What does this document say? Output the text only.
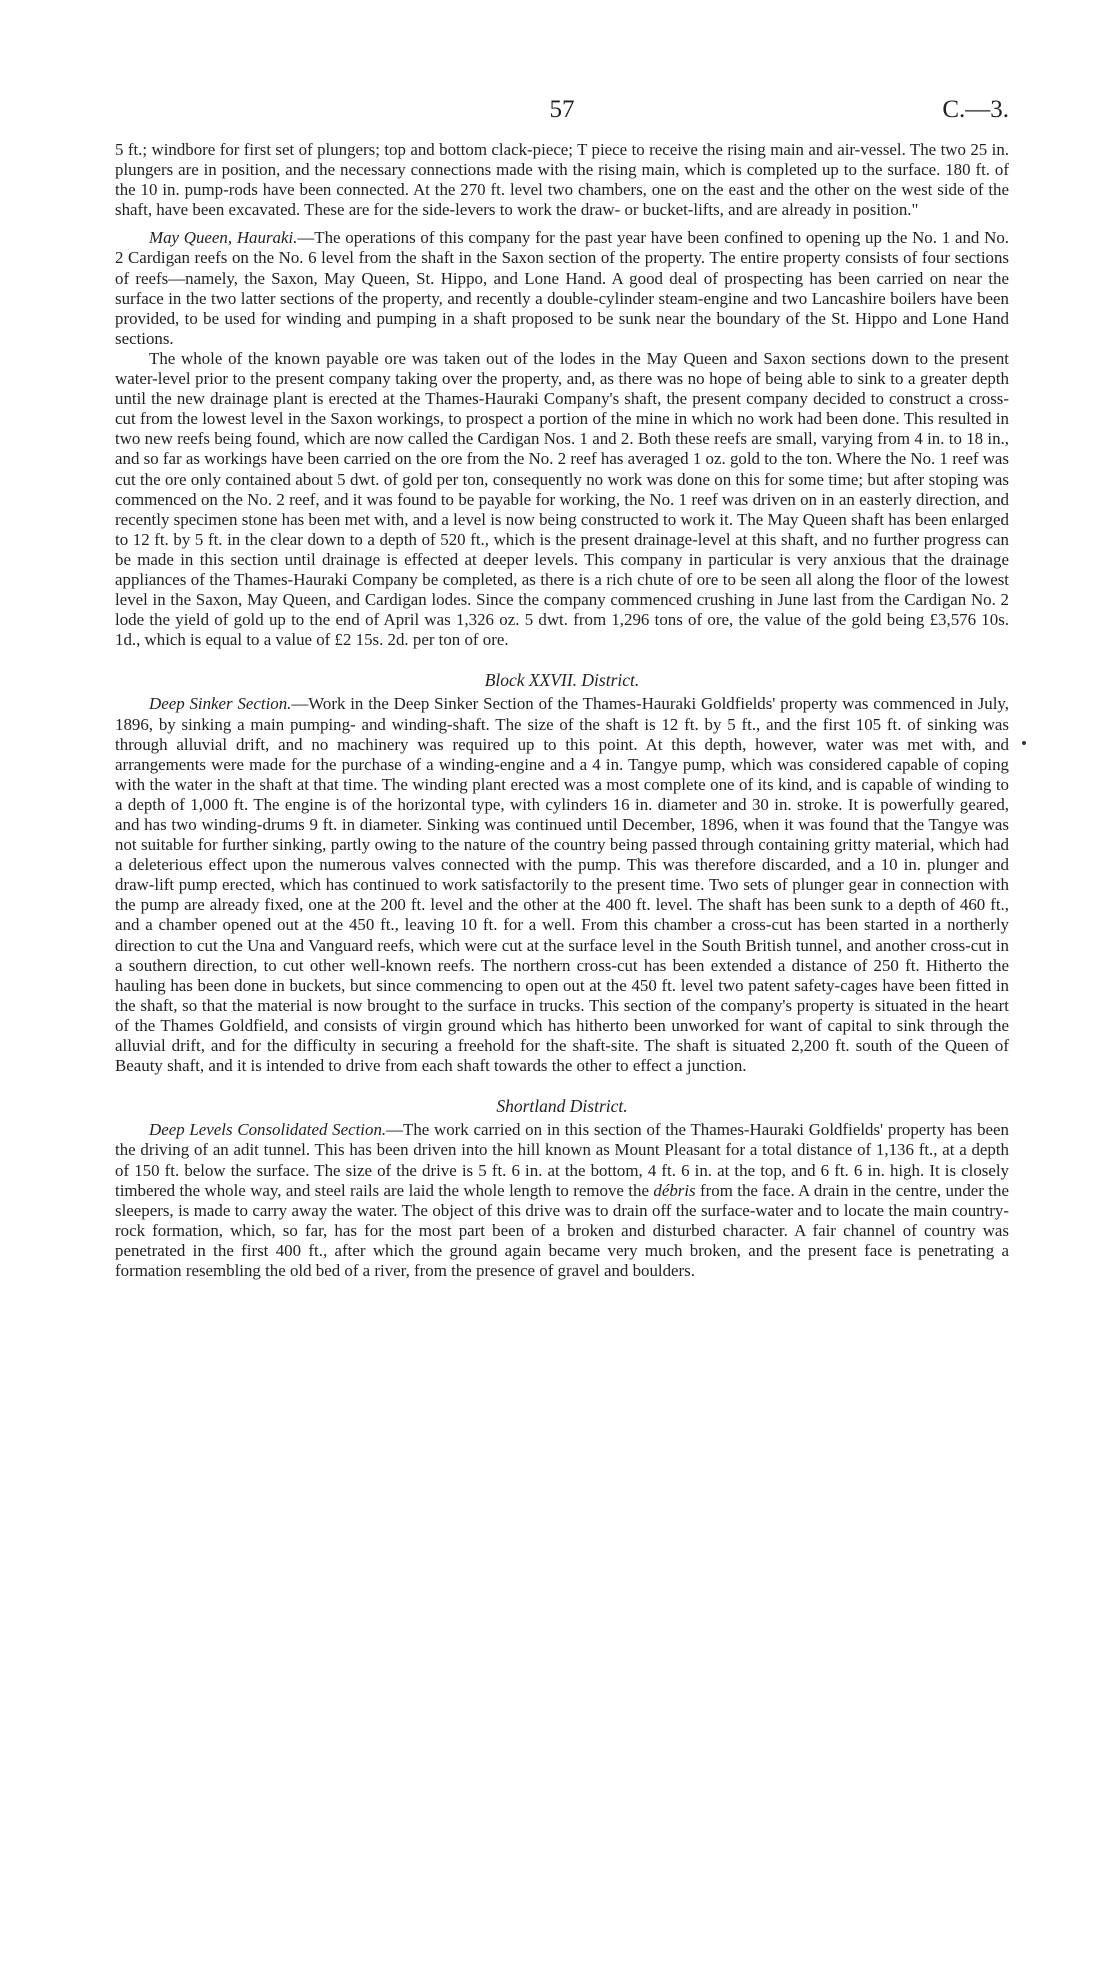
57	C.—3.

5 ft.; windbore for first set of plungers; top and bottom clack-piece; T piece to receive the rising main and air-vessel. The two 25 in. plungers are in position, and the necessary connections made with the rising main, which is completed up to the surface. 180 ft. of the 10 in. pump-rods have been connected. At the 270 ft. level two chambers, one on the east and the other on the west side of the shaft, have been excavated. These are for the side-levers to work the draw- or bucket-lifts, and are already in position."

May Queen, Hauraki.—The operations of this company for the past year have been confined to opening up the No. 1 and No. 2 Cardigan reefs on the No. 6 level from the shaft in the Saxon section of the property. The entire property consists of four sections of reefs—namely, the Saxon, May Queen, St. Hippo, and Lone Hand. A good deal of prospecting has been carried on near the surface in the two latter sections of the property, and recently a double-cylinder steam-engine and two Lancashire boilers have been provided, to be used for winding and pumping in a shaft proposed to be sunk near the boundary of the St. Hippo and Lone Hand sections.

The whole of the known payable ore was taken out of the lodes in the May Queen and Saxon sections down to the present water-level prior to the present company taking over the property, and, as there was no hope of being able to sink to a greater depth until the new drainage plant is erected at the Thames-Hauraki Company's shaft, the present company decided to construct a cross-cut from the lowest level in the Saxon workings, to prospect a portion of the mine in which no work had been done. This resulted in two new reefs being found, which are now called the Cardigan Nos. 1 and 2. Both these reefs are small, varying from 4 in. to 18 in., and so far as workings have been carried on the ore from the No. 2 reef has averaged 1 oz. gold to the ton. Where the No. 1 reef was cut the ore only contained about 5 dwt. of gold per ton, consequently no work was done on this for some time; but after stoping was commenced on the No. 2 reef, and it was found to be payable for working, the No. 1 reef was driven on in an easterly direction, and recently specimen stone has been met with, and a level is now being constructed to work it. The May Queen shaft has been enlarged to 12 ft. by 5 ft. in the clear down to a depth of 520 ft., which is the present drainage-level at this shaft, and no further progress can be made in this section until drainage is effected at deeper levels. This company in particular is very anxious that the drainage appliances of the Thames-Hauraki Company be completed, as there is a rich chute of ore to be seen all along the floor of the lowest level in the Saxon, May Queen, and Cardigan lodes. Since the company commenced crushing in June last from the Cardigan No. 2 lode the yield of gold up to the end of April was 1,326 oz. 5 dwt. from 1,296 tons of ore, the value of the gold being £3,576 10s. 1d., which is equal to a value of £2 15s. 2d. per ton of ore.

Block XXVII. District.

Deep Sinker Section.—Work in the Deep Sinker Section of the Thames-Hauraki Goldfields' property was commenced in July, 1896, by sinking a main pumping- and winding-shaft. The size of the shaft is 12 ft. by 5 ft., and the first 105 ft. of sinking was through alluvial drift, and no machinery was required up to this point. At this depth, however, water was met with, and arrangements were made for the purchase of a winding-engine and a 4 in. Tangye pump, which was considered capable of coping with the water in the shaft at that time. The winding plant erected was a most complete one of its kind, and is capable of winding to a depth of 1,000 ft. The engine is of the horizontal type, with cylinders 16 in. diameter and 30 in. stroke. It is powerfully geared, and has two winding-drums 9 ft. in diameter. Sinking was continued until December, 1896, when it was found that the Tangye was not suitable for further sinking, partly owing to the nature of the country being passed through containing gritty material, which had a deleterious effect upon the numerous valves connected with the pump. This was therefore discarded, and a 10 in. plunger and draw-lift pump erected, which has continued to work satisfactorily to the present time. Two sets of plunger gear in connection with the pump are already fixed, one at the 200 ft. level and the other at the 400 ft. level. The shaft has been sunk to a depth of 460 ft., and a chamber opened out at the 450 ft., leaving 10 ft. for a well. From this chamber a cross-cut has been started in a northerly direction to cut the Una and Vanguard reefs, which were cut at the surface level in the South British tunnel, and another cross-cut in a southern direction, to cut other well-known reefs. The northern cross-cut has been extended a distance of 250 ft. Hitherto the hauling has been done in buckets, but since commencing to open out at the 450 ft. level two patent safety-cages have been fitted in the shaft, so that the material is now brought to the surface in trucks. This section of the company's property is situated in the heart of the Thames Goldfield, and consists of virgin ground which has hitherto been unworked for want of capital to sink through the alluvial drift, and for the difficulty in securing a freehold for the shaft-site. The shaft is situated 2,200 ft. south of the Queen of Beauty shaft, and it is intended to drive from each shaft towards the other to effect a junction.

Shortland District.

Deep Levels Consolidated Section.—The work carried on in this section of the Thames-Hauraki Goldfields' property has been the driving of an adit tunnel. This has been driven into the hill known as Mount Pleasant for a total distance of 1,136 ft., at a depth of 150 ft. below the surface. The size of the drive is 5 ft. 6 in. at the bottom, 4 ft. 6 in. at the top, and 6 ft. 6 in. high. It is closely timbered the whole way, and steel rails are laid the whole length to remove the débris from the face. A drain in the centre, under the sleepers, is made to carry away the water. The object of this drive was to drain off the surface-water and to locate the main country-rock formation, which, so far, has for the most part been of a broken and disturbed character. A fair channel of country was penetrated in the first 400 ft., after which the ground again became very much broken, and the present face is penetrating a formation resembling the old bed of a river, from the presence of gravel and boulders.
